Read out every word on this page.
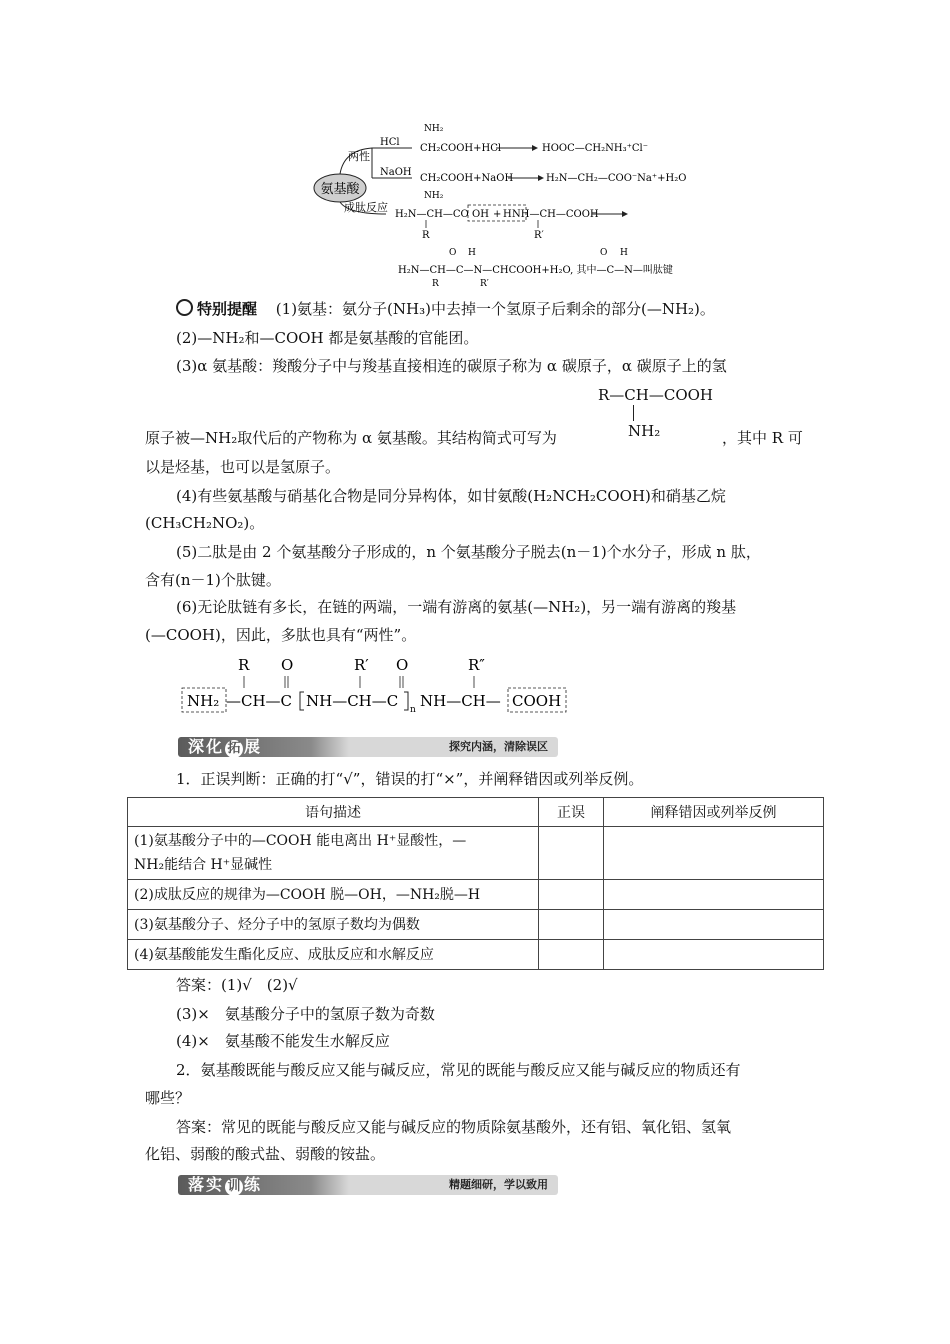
氨基酸
两性
成肽反应
HCl
NH₂
CH₂COOH+HCl	HOOC—CH₂NH₃⁺Cl⁻
NaOH
CH₂COOH+NaOH
NH₂
H₂N—CH₂—COO⁻Na⁺+H₂O
H₂N—CH—CO OH + H NH—CH—COOH
R	R′
O H	O H
H₂N—CH—C—N—CHCOOH+H₂O, 其中—C—N—叫肽键
R	R′
特别提醒 (1)氨基：氨分子(NH₃)中去掉一个氢原子后剩余的部分(—NH₂)。
(2)—NH₂和—COOH 都是氨基酸的官能团。
(3)α 氨基酸：羧酸分子中与羧基直接相连的碳原子称为 α 碳原子，α 碳原子上的氢
R—CH—COOH
NH₂
原子被—NH₂取代后的产物称为 α 氨基酸。其结构简式可写为	，其中 R 可
以是烃基，也可以是氢原子。
(4)有些氨基酸与硝基化合物是同分异构体，如甘氨酸(H₂NCH₂COOH)和硝基乙烷
(CH₃CH₂NO₂)。
(5)二肽是由 2 个氨基酸分子形成的，n 个氨基酸分子脱去(n－1)个水分子，形成 n 肽，
含有(n－1)个肽键。
(6)无论肽链有多长，在链的两端，一端有游离的氨基(—NH₂)，另一端有游离的羧基
(—COOH)，因此，多肽也具有“两性”。
R O	R′ O	R″
NH₂ —CH—C NH—CH—C n NH—CH— COOH
深化 拓 展	探究内涵，清除误区
1．正误判断：正确的打“√”，错误的打“×”，并阐释错因或列举反例。
语句描述	正误	阐释错因或列举反例

(1)氨基酸分子中的—COOH 能电离出 H⁺显酸性，—
NH₂能结合 H⁺显碱性		

(2)成肽反应的规律为—COOH 脱—OH，—NH₂脱—H		
(3)氨基酸分子、烃分子中的氢原子数均为偶数		
(4)氨基酸能发生酯化反应、成肽反应和水解反应		
答案：(1)√　(2)√
(3)×　氨基酸分子中的氢原子数为奇数
(4)×　氨基酸不能发生水解反应
2．氨基酸既能与酸反应又能与碱反应，常见的既能与酸反应又能与碱反应的物质还有
哪些？
答案：常见的既能与酸反应又能与碱反应的物质除氨基酸外，还有铝、氧化铝、氢氧
化铝、弱酸的酸式盐、弱酸的铵盐。
落实 训 练	精题细研，学以致用
